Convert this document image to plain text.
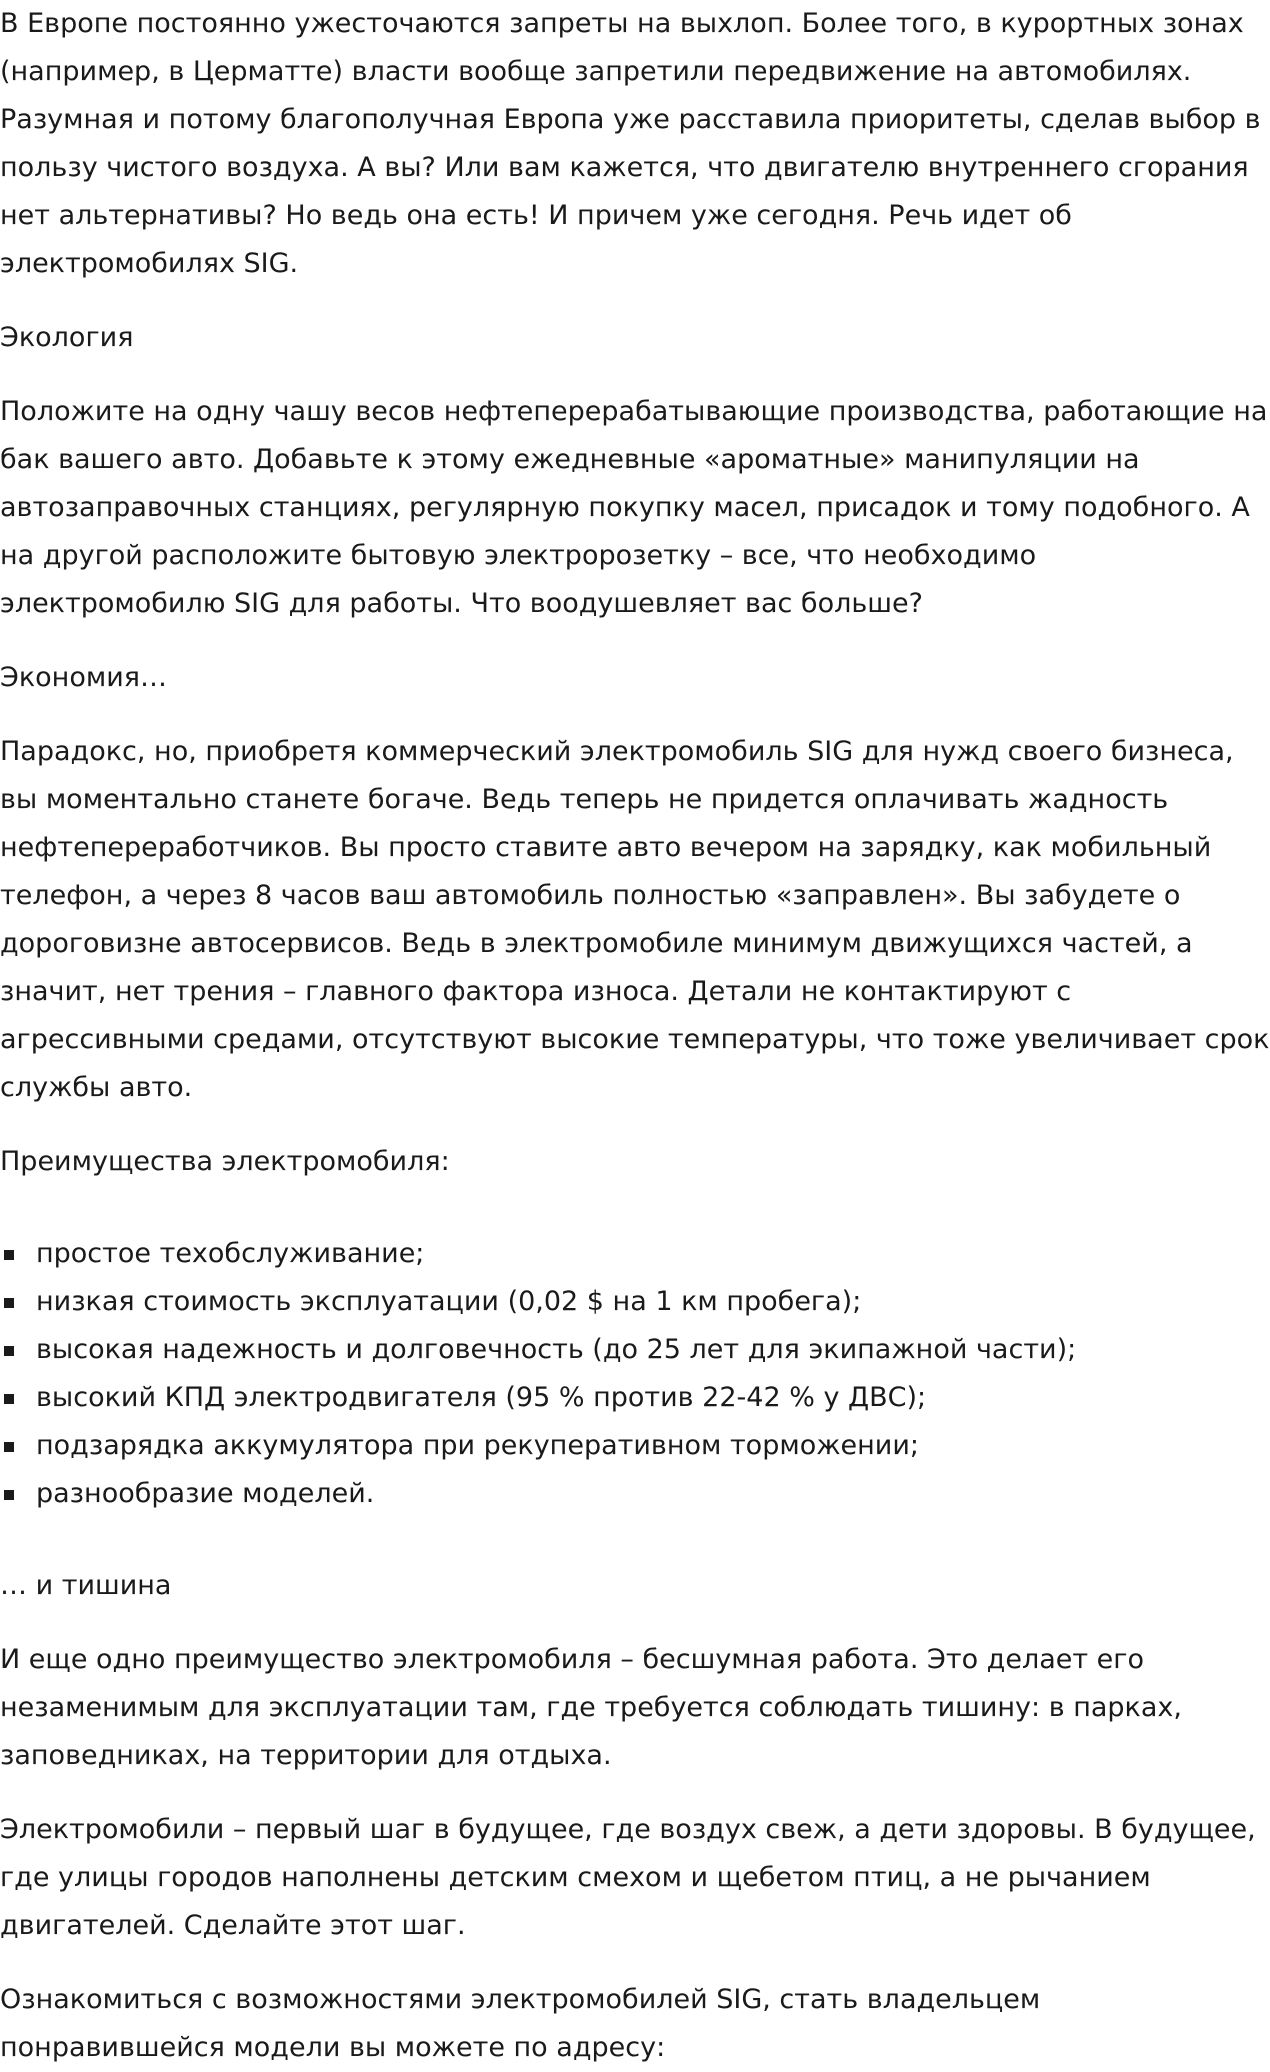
В Европе постоянно ужесточаются запреты на выхлоп. Более того, в курортных зонах (например, в Церматте) власти вообще запретили передвижение на автомобилях. Разумная и потому благополучная Европа уже расставила приоритеты, сделав выбор в пользу чистого воздуха. А вы? Или вам кажется, что двигателю внутреннего сгорания нет альтернативы? Но ведь она есть! И причем уже сегодня. Речь идет об электромобилях SIG.

Экология

Положите на одну чашу весов нефтеперерабатывающие производства, работающие на бак вашего авто. Добавьте к этому ежедневные «ароматные» манипуляции на автозаправочных станциях, регулярную покупку масел, присадок и тому подобного. А на другой расположите бытовую электророзетку – все, что необходимо электромобилю SIG для работы. Что воодушевляет вас больше?

Экономия…

Парадокс, но, приобретя коммерческий электромобиль SIG для нужд своего бизнеса, вы моментально станете богаче. Ведь теперь не придется оплачивать жадность нефтепереработчиков. Вы просто ставите авто вечером на зарядку, как мобильный телефон, а через 8 часов ваш автомобиль полностью «заправлен». Вы забудете о дороговизне автосервисов. Ведь в электромобиле минимум движущихся частей, а значит, нет трения – главного фактора износа. Детали не контактируют с агрессивными средами, отсутствуют высокие температуры, что тоже увеличивает срок службы авто.

Преимущества электромобиля:

простое техобслуживание;
низкая стоимость эксплуатации (0,02 $ на 1 км пробега);
высокая надежность и долговечность (до 25 лет для экипажной части);
высокий КПД электродвигателя (95 % против 22-42 % у ДВС);
подзарядка аккумулятора при рекуперативном торможении;
разнообразие моделей.

… и тишина

И еще одно преимущество электромобиля – бесшумная работа. Это делает его незаменимым для эксплуатации там, где требуется соблюдать тишину: в парках, заповедниках, на территории для отдыха.

Электромобили – первый шаг в будущее, где воздух свеж, а дети здоровы. В будущее, где улицы городов наполнены детским смехом и щебетом птиц, а не рычанием двигателей. Сделайте этот шаг.

Ознакомиться с возможностями электромобилей SIG, стать владельцем понравившейся модели вы можете по адресу:
